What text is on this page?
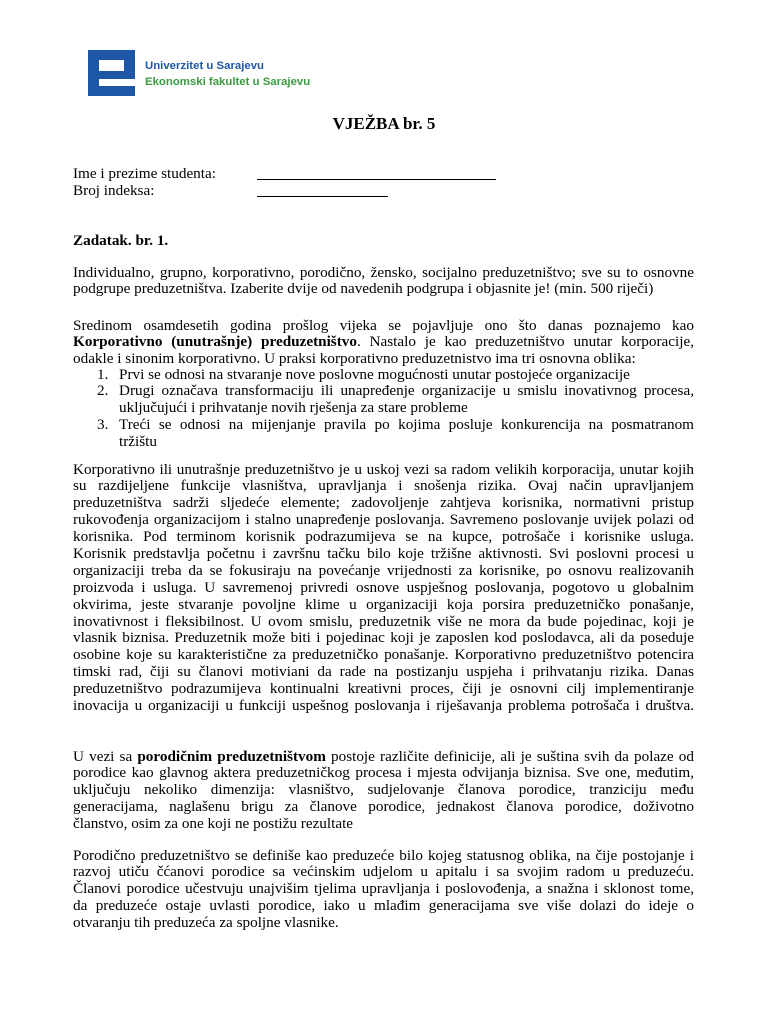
Univerzitet u Sarajevu
Ekonomski fakultet u Sarajevu
VJEŽBA br. 5
Ime i prezime studenta:
Broj indeksa:
Zadatak. br. 1.
Individualno, grupno, korporativno, porodično, žensko, socijalno preduzetništvo; sve su to osnovne
podgrupe preduzetništva. Izaberite dvije od navedenih podgrupa i objasnite je! (min. 500 riječi)
Sredinom osamdesetih godina prošlog vijeka se pojavljuje ono što danas poznajemo kao
Korporativno (unutrašnje) preduzetništvo. Nastalo je kao preduzetništvo unutar korporacije,
odakle i sinonim korporativno. U praksi korporativno preduzetnistvo ima tri osnovna oblika:
1. Prvi se odnosi na stvaranje nove poslovne mogućnosti unutar postojeće organizacije
2. Drugi označava transformaciju ili unapređenje organizacije u smislu inovativnog procesa,
uključujući i prihvatanje novih rješenja za stare probleme
3. Treći se odnosi na mijenjanje pravila po kojima posluje konkurencija na posmatranom
tržištu
Korporativno ili unutrašnje preduzetništvo je u uskoj vezi sa radom velikih korporacija, unutar kojih
su razdijeljene funkcije vlasništva, upravljanja i snošenja rizika. Ovaj način upravljanjem
preduzetništva sadrži sljedeće elemente; zadovoljenje zahtjeva korisnika, normativni pristup
rukovođenja organizacijom i stalno unapređenje poslovanja. Savremeno poslovanje uvijek polazi od
korisnika. Pod terminom korisnik podrazumijeva se na kupce, potrošače i korisnike usluga.
Korisnik predstavlja početnu i završnu tačku bilo koje tržišne aktivnosti. Svi poslovni procesi u
organizaciji treba da se fokusiraju na povećanje vrijednosti za korisnike, po osnovu realizovanih
proizvoda i usluga. U savremenoj privredi osnove uspješnog poslovanja, pogotovo u globalnim
okvirima, jeste stvaranje povoljne klime u organizaciji koja porsira preduzetničko ponašanje,
inovativnost i fleksibilnost. U ovom smislu, preduzetnik više ne mora da bude pojedinac, koji je
vlasnik biznisa. Preduzetnik može biti i pojedinac koji je zaposlen kod poslodavca, ali da poseduje
osobine koje su karakteristične za preduzetničko ponašanje. Korporativno preduzetništvo potencira
timski rad, čiji su članovi motiviani da rade na postizanju uspjeha i prihvatanju rizika. Danas
preduzetništvo podrazumijeva kontinualni kreativni proces, čiji je osnovni cilj implementiranje
inovacija u organizaciji u funkciji uspešnog poslovanja i riješavanja problema potrošača i društva.
U vezi sa porodičnim preduzetništvom postoje različite definicije, ali je suština svih da polaze od
porodice kao glavnog aktera preduzetničkog procesa i mjesta odvijanja biznisa. Sve one, međutim,
uključuju nekoliko dimenzija: vlasništvo, sudjelovanje članova porodice, tranziciju među
generacijama, naglašenu brigu za članove porodice, jednakost članova porodice, doživotno
članstvo, osim za one koji ne postižu rezultate
Porodično preduzetništvo se definiše kao preduzeće bilo kojeg statusnog oblika, na čije postojanje i
razvoj utiču čćanovi porodice sa većinskim udjelom u apitalu i sa svojim radom u preduzeću.
Članovi porodice učestvuju unajvišim tjelima upravljanja i poslovođenja, a snažna i sklonost tome,
da preduzeće ostaje uvlasti porodice, iako u mlađim generacijama sve više dolazi do ideje o
otvaranju tih preduzeća za spoljne vlasnike.
